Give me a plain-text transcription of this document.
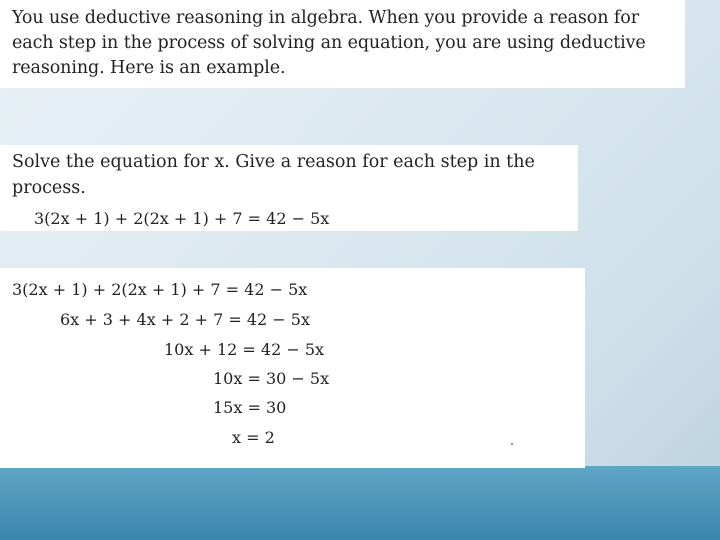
You use deductive reasoning in algebra. When you provide a reason for each step in the process of solving an equation, you are using deductive reasoning. Here is an example.

Solve the equation for x. Give a reason for each step in the process.

3(2x + 1) + 2(2x + 1) + 7 = 42 − 5x
3(2x + 1) + 2(2x + 1) + 7 = 42 − 5x
6x + 3 + 4x + 2 + 7 = 42 − 5x
10x + 12 = 42 − 5x
10x = 30 − 5x
15x = 30
x = 2
